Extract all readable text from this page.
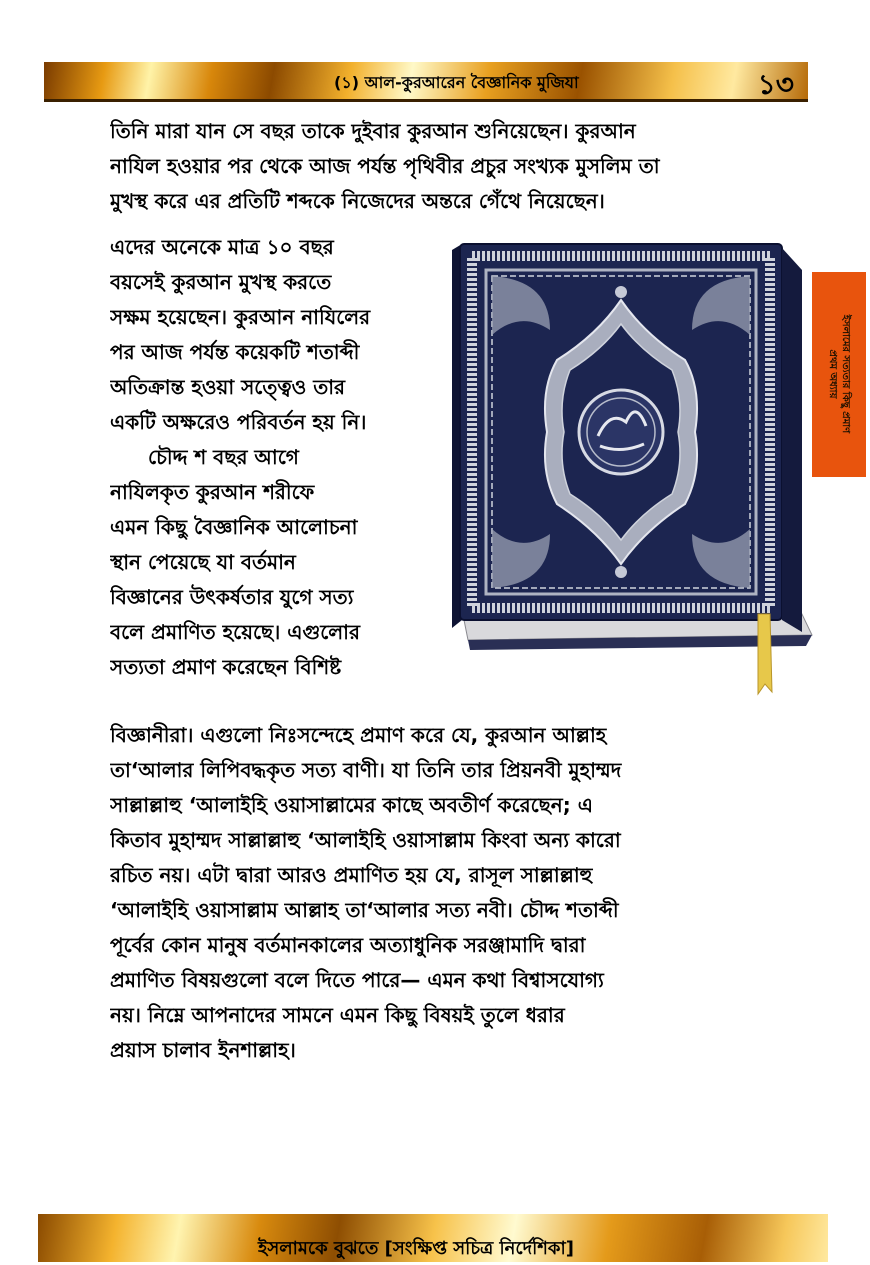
(১) আল-কুরআরেন বৈজ্ঞানিক মুজিযা	১৩

তিনি মারা যান সে বছর তাকে দুইবার কুরআন শুনিয়েছেন। কুরআন

নাযিল হওয়ার পর থেকে আজ পর্যন্ত পৃথিবীর প্রচুর সংখ্যক মুসলিম তা

মুখস্থ করে এর প্রতিটি শব্দকে নিজেদের অন্তরে গেঁথে নিয়েছেন।

এদের অনেকে মাত্র ১০ বছর

বয়সেই কুরআন মুখস্থ করতে

সক্ষম হয়েছেন। কুরআন নাযিলের

পর আজ পর্যন্ত কয়েকটি শতাব্দী

অতিক্রান্ত হওয়া সত্ত্বেও তার

একটি অক্ষরেও পরিবর্তন হয় নি।

চৌদ্দ শ বছর আগে

নাযিলকৃত কুরআন শরীফে

এমন কিছু বৈজ্ঞানিক আলোচনা

স্থান পেয়েছে যা বর্তমান

বিজ্ঞানের উৎকর্ষতার যুগে সত্য

বলে প্রমাণিত হয়েছে। এগুলোর

সত্যতা প্রমাণ করেছেন বিশিষ্ট

বিজ্ঞানীরা। এগুলো নিঃসন্দেহে প্রমাণ করে যে, কুরআন আল্লাহ

তা‘আলার লিপিবদ্ধকৃত সত্য বাণী। যা তিনি তার প্রিয়নবী মুহাম্মদ

সাল্লাল্লাহু ‘আলাইহি ওয়াসাল্লামের কাছে অবতীর্ণ করেছেন; এ

কিতাব মুহাম্মদ সাল্লাল্লাহু ‘আলাইহি ওয়াসাল্লাম কিংবা অন্য কারো

রচিত নয়। এটা দ্বারা আরও প্রমাণিত হয় যে, রাসূল সাল্লাল্লাহু

‘আলাইহি ওয়াসাল্লাম আল্লাহ তা‘আলার সত্য নবী। চৌদ্দ শতাব্দী

পূর্বের কোন মানুষ বর্তমানকালের অত্যাধুনিক সরঞ্জামাদি দ্বারা

প্রমাণিত বিষয়গুলো বলে দিতে পারে— এমন কথা বিশ্বাসযোগ্য

নয়। নিম্নে আপনাদের সামনে এমন কিছু বিষয়ই তুলে ধরার

প্রয়াস চালাব ইনশাল্লাহ।

ইসলামের সত্যতার কিছু প্রমাণ
প্রথম অধ্যায়
ইসলামকে বুঝতে [সংক্ষিপ্ত সচিত্র নির্দেশিকা]
